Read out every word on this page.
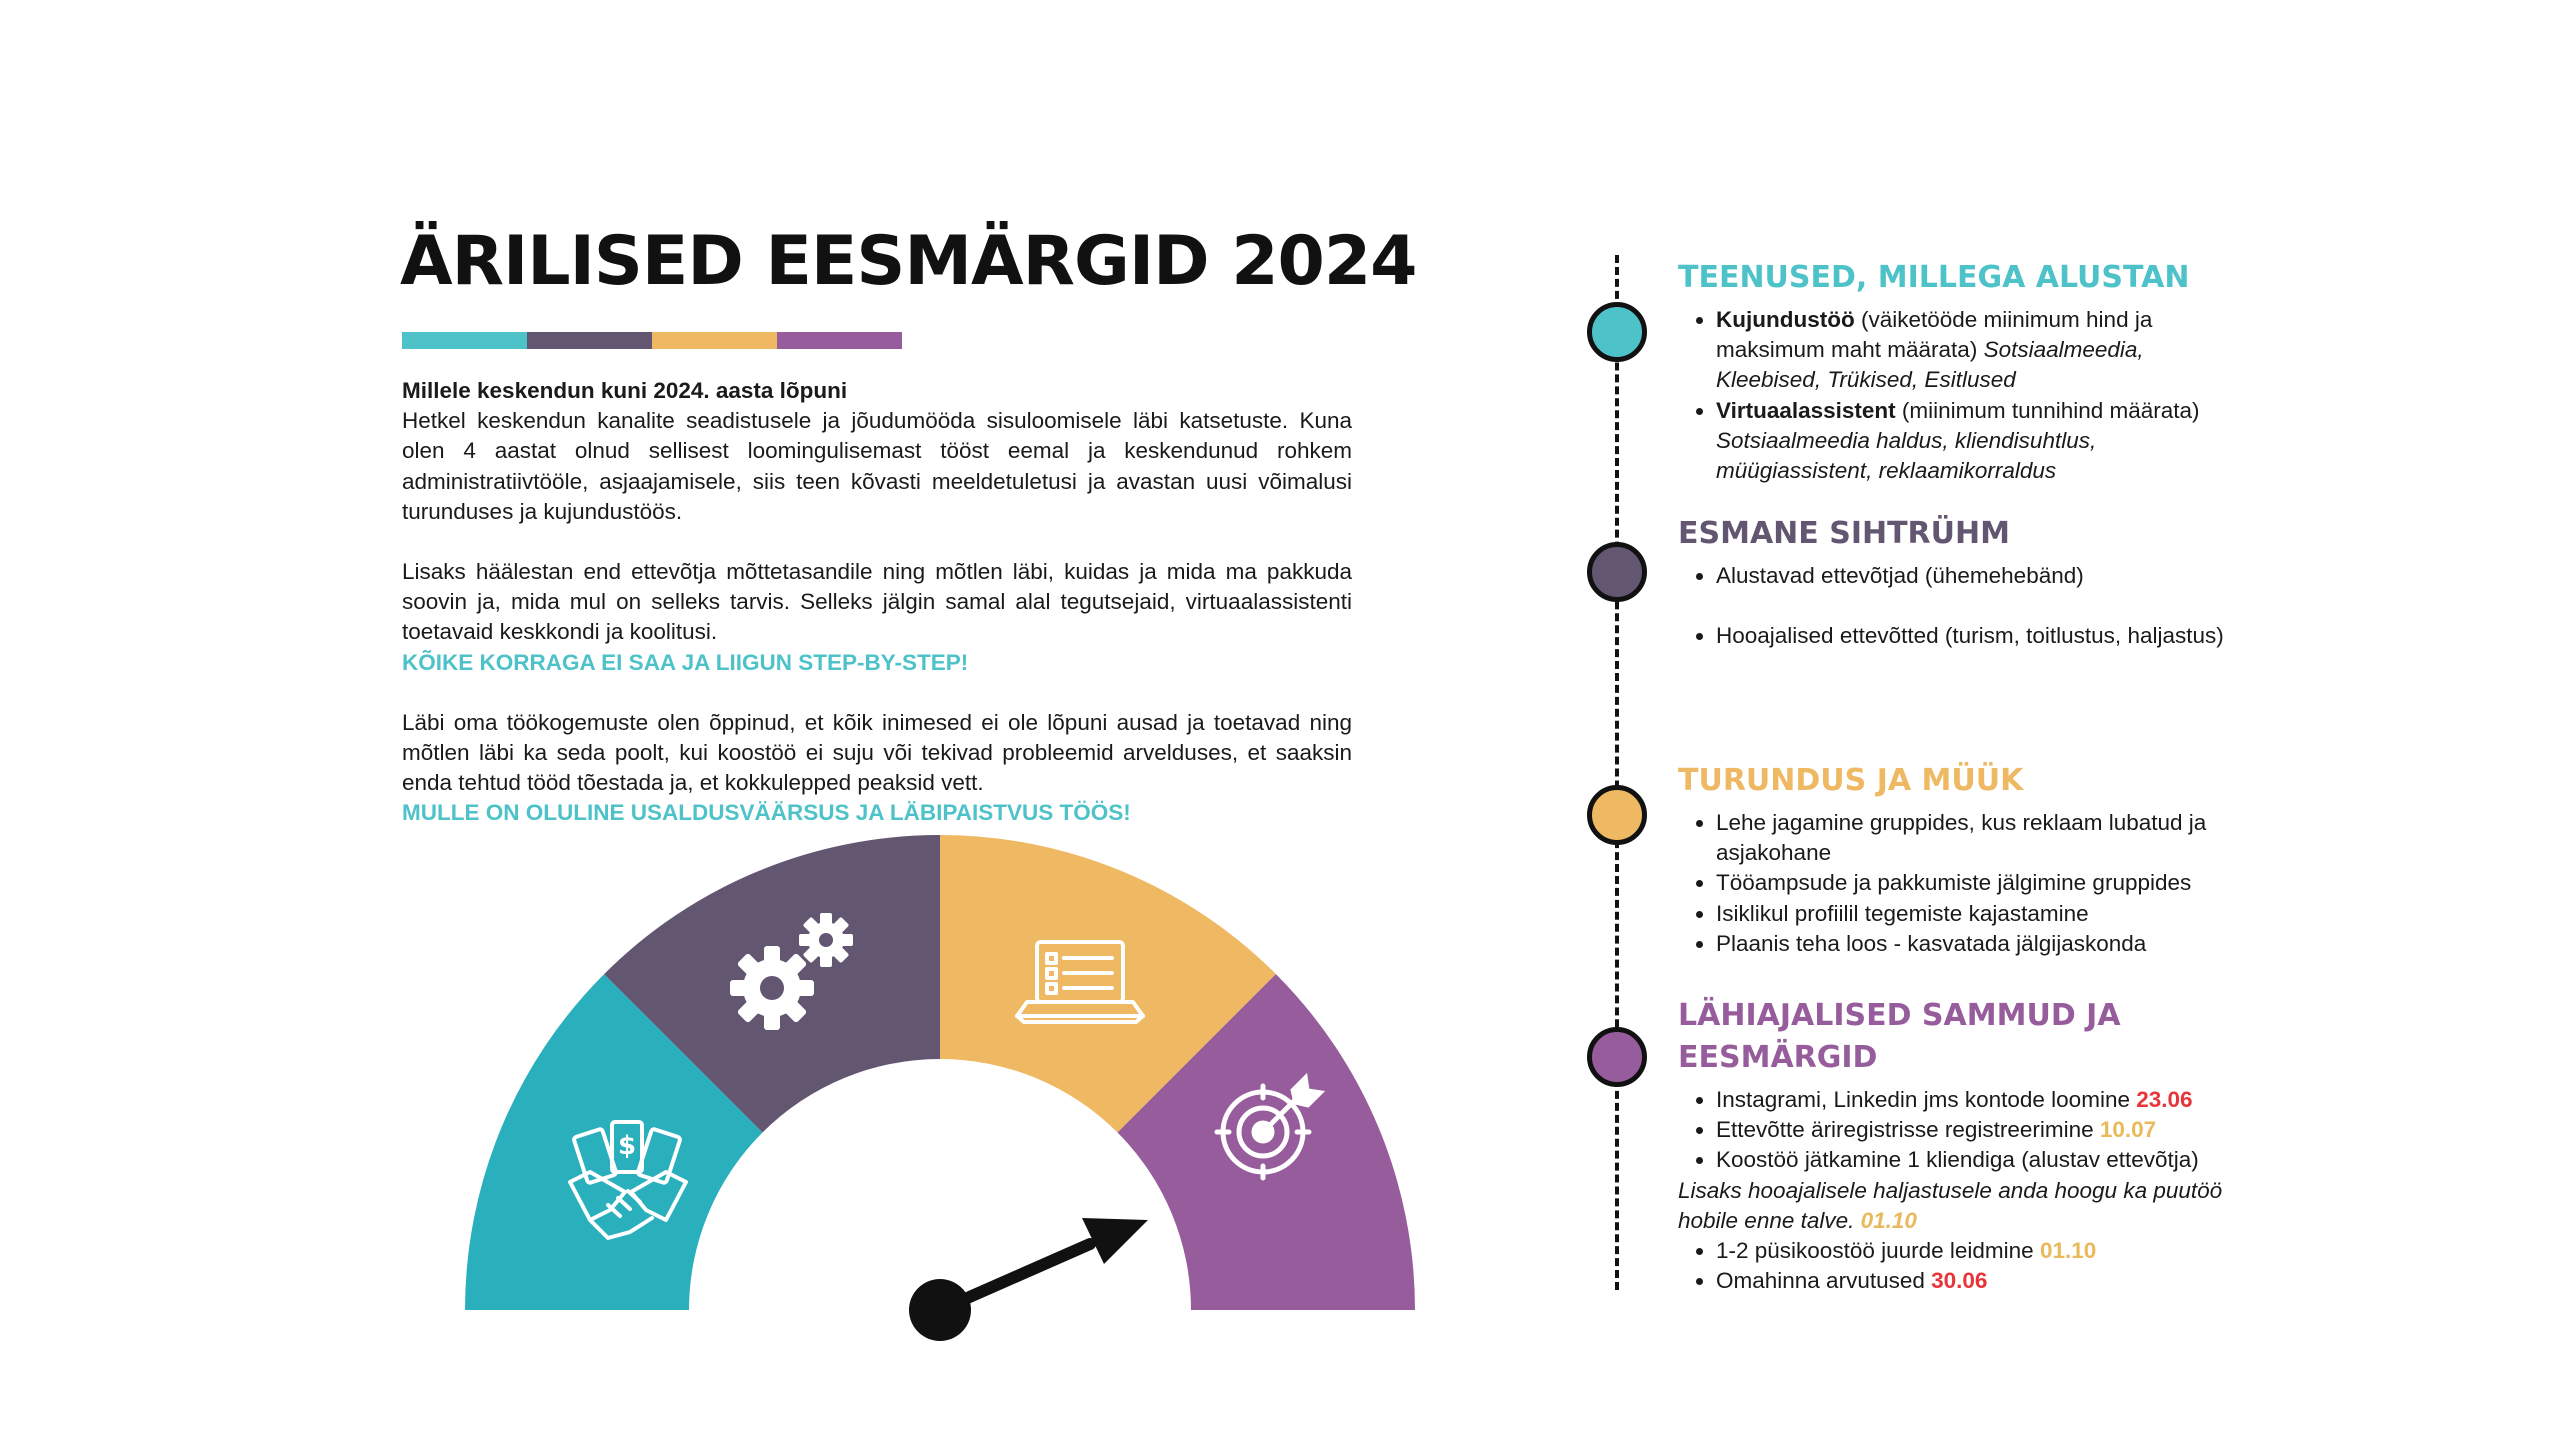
ÄRILISED EESMÄRGID 2024

Millele keskendun kuni 2024. aasta lõpuni

Hetkel keskendun kanalite seadistusele ja jõudumööda sisuloomisele läbi katsetuste. Kuna olen 4 aastat olnud sellisest loomingulisemast tööst eemal ja keskendunud rohkem administratiivtööle, asjaajamisele, siis teen kõvasti meeldetuletusi ja avastan uusi võimalusi turunduses ja kujundustöös.

Lisaks häälestan end ettevõtja mõttetasandile ning mõtlen läbi, kuidas ja mida ma pakkuda soovin ja, mida mul on selleks tarvis. Selleks jälgin samal alal tegutsejaid, virtuaalassistenti toetavaid keskkondi ja koolitusi.

KÕIKE KORRAGA EI SAA JA LIIGUN STEP-BY-STEP!

Läbi oma töökogemuste olen õppinud, et kõik inimesed ei ole lõpuni ausad ja toetavad ning mõtlen läbi ka seda poolt, kui koostöö ei suju või tekivad probleemid arvelduses, et saaksin enda tehtud tööd tõestada ja, et kokkulepped peaksid vett.

MULLE ON OLULINE USALDUSVÄÄRSUS JA LÄBIPAISTVUS TÖÖS!

$
TEENUSED, MILLEGA ALUSTAN
• Kujundustöö (väiketööde miinimum hind ja maksimum maht määrata) Sotsiaalmeedia, Kleebised, Trükised, Esitlused
• Virtuaalassistent (miinimum tunnihind määrata) Sotsiaalmeedia haldus, kliendisuhtlus, müügiassistent, reklaamikorraldus
ESMANE SIHTRÜHM
• Alustavad ettevõtjad (ühemehebänd)
• Hooajalised ettevõtted (turism, toitlustus, haljastus)
TURUNDUS JA MÜÜK
• Lehe jagamine gruppides, kus reklaam lubatud ja asjakohane
• Tööampsude ja pakkumiste jälgimine gruppides
• Isiklikul profiilil tegemiste kajastamine
• Plaanis teha loos - kasvatada jälgijaskonda
LÄHIAJALISED SAMMUD JA EESMÄRGID
• Instagrami, Linkedin jms kontode loomine 23.06
• Ettevõtte äriregistrisse registreerimine 10.07
• Koostöö jätkamine 1 kliendiga (alustav ettevõtja)
Lisaks hooajalisele haljastusele anda hoogu ka puutöö hobile enne talve. 01.10
• 1-2 püsikoostöö juurde leidmine 01.10
• Omahinna arvutused 30.06
